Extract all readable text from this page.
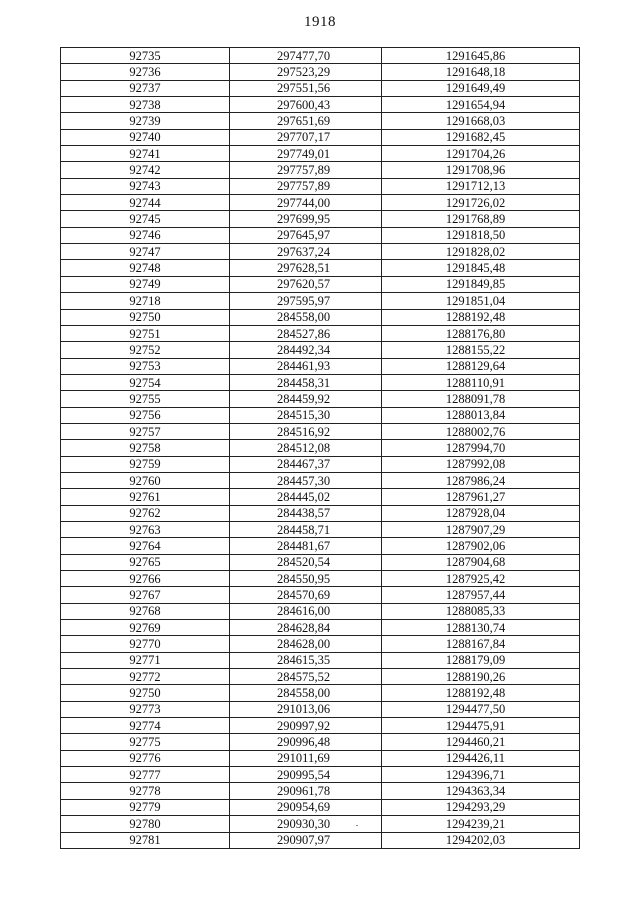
1918
92735	297477,70	1291645,86
92736	297523,29	1291648,18
92737	297551,56	1291649,49
92738	297600,43	1291654,94
92739	297651,69	1291668,03
92740	297707,17	1291682,45
92741	297749,01	1291704,26
92742	297757,89	1291708,96
92743	297757,89	1291712,13
92744	297744,00	1291726,02
92745	297699,95	1291768,89
92746	297645,97	1291818,50
92747	297637,24	1291828,02
92748	297628,51	1291845,48
92749	297620,57	1291849,85
92718	297595,97	1291851,04
92750	284558,00	1288192,48
92751	284527,86	1288176,80
92752	284492,34	1288155,22
92753	284461,93	1288129,64
92754	284458,31	1288110,91
92755	284459,92	1288091,78
92756	284515,30	1288013,84
92757	284516,92	1288002,76
92758	284512,08	1287994,70
92759	284467,37	1287992,08
92760	284457,30	1287986,24
92761	284445,02	1287961,27
92762	284438,57	1287928,04
92763	284458,71	1287907,29
92764	284481,67	1287902,06
92765	284520,54	1287904,68
92766	284550,95	1287925,42
92767	284570,69	1287957,44
92768	284616,00	1288085,33
92769	284628,84	1288130,74
92770	284628,00	1288167,84
92771	284615,35	1288179,09
92772	284575,52	1288190,26
92750	284558,00	1288192,48
92773	291013,06	1294477,50
92774	290997,92	1294475,91
92775	290996,48	1294460,21
92776	291011,69	1294426,11
92777	290995,54	1294396,71
92778	290961,78	1294363,34
92779	290954,69	1294293,29
92780	290930,30	1294239,21
92781	290907,97	1294202,03
